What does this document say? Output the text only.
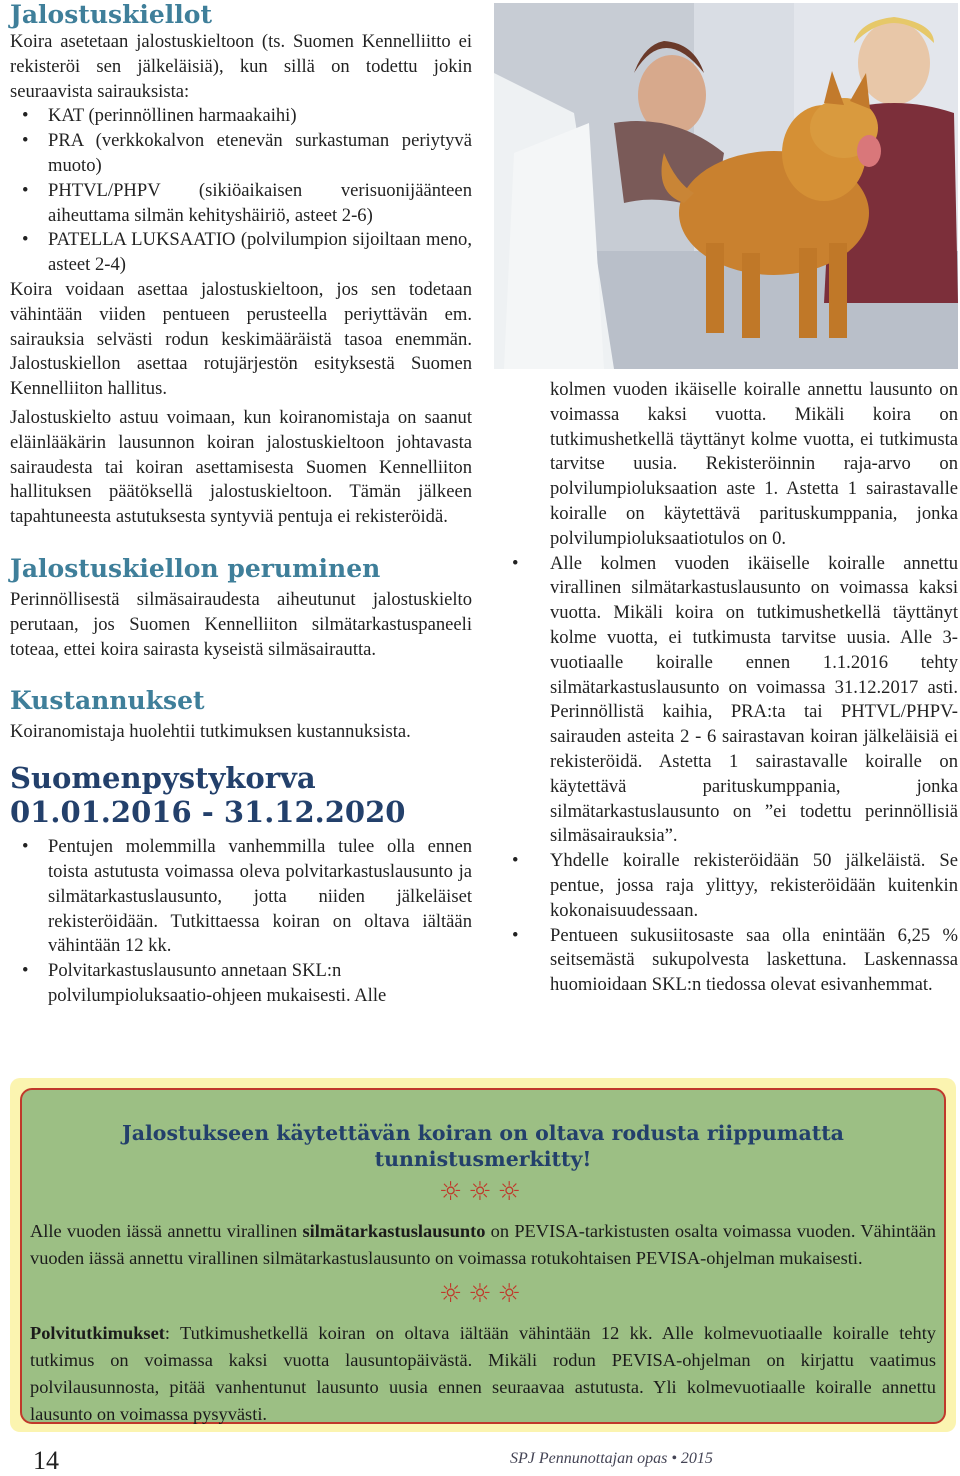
Jalostuskiellot

Koira asetetaan jalostuskieltoon (ts. Suomen Kennelliitto ei rekisteröi sen jälkeläisiä), kun sillä on todettu jokin seuraavista sairauksista:

• KAT (perinnöllinen harmaakaihi)
• PRA (verkkokalvon etenevän surkastuman periytyvä muoto)
• PHTVL/PHPV (sikiöaikaisen verisuonijäänteen aiheuttama silmän kehityshäiriö, asteet 2-6)
• PATELLA LUKSAATIO (polvilumpion sijoiltaan meno, asteet 2-4)

Koira voidaan asettaa jalostuskieltoon, jos sen todetaan vähintään viiden pentueen perusteella periyttävän em. sairauksia selvästi rodun keskimääräistä tasoa enemmän. Jalostuskiellon asettaa rotujärjestön esityksestä Suomen Kennelliiton hallitus.

Jalostuskielto astuu voimaan, kun koiranomistaja on saanut eläinlääkärin lausunnon koiran jalostuskieltoon johtavasta sairaudesta tai koiran asettamisesta Suomen Kennelliiton hallituksen päätöksellä jalostuskieltoon. Tämän jälkeen tapahtuneesta astutuksesta syntyviä pentuja ei rekisteröidä.

Jalostuskiellon peruminen

Perinnöllisestä silmäsairaudesta aiheutunut jalostuskielto perutaan, jos Suomen Kennelliiton silmätarkastuspaneeli toteaa, ettei koira sairasta kyseistä silmäsairautta.

Kustannukset

Koiranomistaja huolehtii tutkimuksen kustannuksista.

Suomenpystykorva 01.01.2016 - 31.12.2020
• Pentujen molemmilla vanhemmilla tulee olla ennen toista astutusta voimassa oleva polvitarkastuslausunto ja silmätarkastuslausunto, jotta niiden jälkeläiset rekisteröidään. Tutkittaessa koiran on oltava iältään vähintään 12 kk.
• Polvitarkastuslausunto annetaan SKL:n polvilumpioluksaatio-ohjeen mukaisesti. Alle

kolmen vuoden ikäiselle koiralle annettu lausunto on voimassa kaksi vuotta. Mikäli koira on tutkimushetkellä täyttänyt kolme vuotta, ei tutkimusta tarvitse uusia. Rekisteröinnin raja-arvo on polvilumpioluksaation aste 1. Astetta 1 sairastavalle koiralle on käytettävä parituskumppania, jonka polvilumpioluksaatiotulos on 0.

• Alle kolmen vuoden ikäiselle koiralle annettu virallinen silmätarkastuslausunto on voimassa kaksi vuotta. Mikäli koira on tutkimushetkellä täyttänyt kolme vuotta, ei tutkimusta tarvitse uusia. Alle 3-vuotiaalle koiralle ennen 1.1.2016 tehty silmätarkastuslausunto on voimassa 31.12.2017 asti. Perinnöllistä kaihia, PRA:ta tai PHTVL/PHPV-sairauden asteita 2 - 6 sairastavan koiran jälkeläisiä ei rekisteröidä. Astetta 1 sairastavalle koiralle on käytettävä parituskumppania, jonka silmätarkastuslausunto on ”ei todettu perinnöllisiä silmäsairauksia”.
• Yhdelle koiralle rekisteröidään 50 jälkeläistä. Se pentue, jossa raja ylittyy, rekisteröidään kuitenkin kokonaisuudessaan.
• Pentueen sukusiitosaste saa olla enintään 6,25 % seitsemästä sukupolvesta laskettuna. Laskennassa huomioidaan SKL:n tiedossa olevat esivanhemmat.
Jalostukseen käytettävän koiran on oltava rodusta riippumatta tunnistusmerkitty!
☼☼☼
Alle vuoden iässä annettu virallinen silmätarkastuslausunto on PEVISA-tarkistusten osalta voimassa vuoden. Vähintään vuoden iässä annettu virallinen silmätarkastuslausunto on voimassa rotukohtaisen PEVISA-ohjelman mukaisesti.
☼☼☼
Polvitutkimukset: Tutkimushetkellä koiran on oltava iältään vähintään 12 kk. Alle kolmevuotiaalle koiralle tehty tutkimus on voimassa kaksi vuotta lausuntopäivästä. Mikäli rodun PEVISA-ohjelman on kirjattu vaatimus polvilausunnosta, pitää vanhentunut lausunto uusia ennen seuraavaa astutusta. Yli kolmevuotiaalle koiralle annettu lausunto on voimassa pysyvästi.
14	SPJ Pennunottajan opas • 2015
